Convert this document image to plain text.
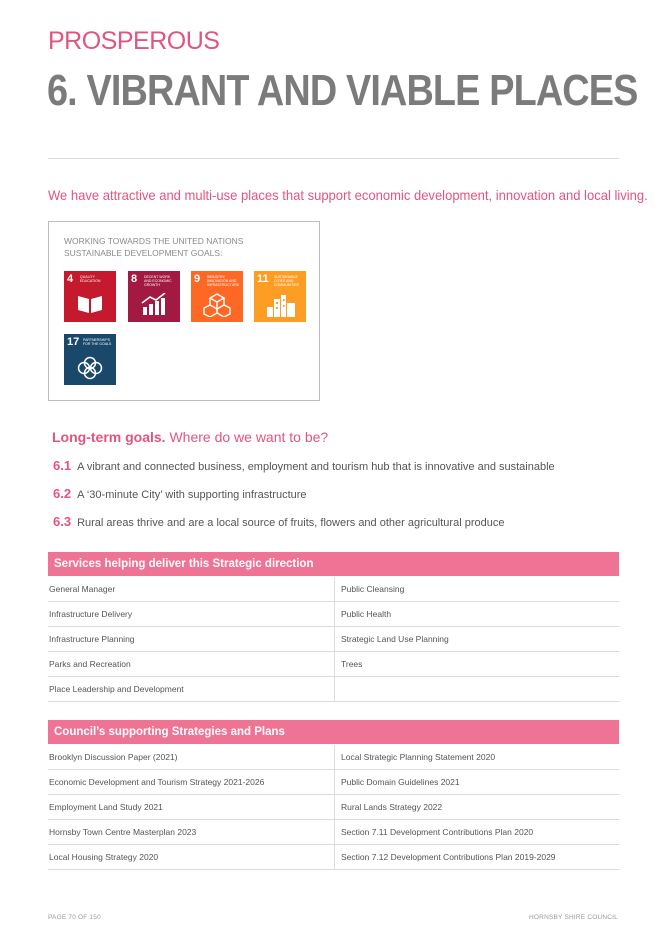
PROSPEROUS
6. VIBRANT AND VIABLE PLACES
We have attractive and multi-use places that support economic development, innovation and local living.
WORKING TOWARDS THE UNITED NATIONS
SUSTAINABLE DEVELOPMENT GOALS:
4 QUALITY EDUCATION	8 DECENT WORK AND ECONOMIC GROWTH	9 INDUSTRY, INNOVATION AND INFRASTRUCTURE 11 SUSTAINABLE CITIES AND COMMUNITIES
17 PARTNERSHIPS FOR THE GOALS
Long-term goals. Where do we want to be?
6.1 A vibrant and connected business, employment and tourism hub that is innovative and sustainable
6.2 A ‘30-minute City’ with supporting infrastructure
6.3 Rural areas thrive and are a local source of fruits, flowers and other agricultural produce
Services helping deliver this Strategic direction
General Manager	Public Cleansing
Infrastructure Delivery	Public Health
Infrastructure Planning	Strategic Land Use Planning
Parks and Recreation	Trees
Place Leadership and Development
Council’s supporting Strategies and Plans
Brooklyn Discussion Paper (2021)	Local Strategic Planning Statement 2020
Economic Development and Tourism Strategy 2021-2026	Public Domain Guidelines 2021
Employment Land Study 2021	Rural Lands Strategy 2022
Hornsby Town Centre Masterplan 2023	Section 7.11 Development Contributions Plan 2020
Local Housing Strategy 2020	Section 7.12 Development Contributions Plan 2019-2029
PAGE 70 OF 150	HORNSBY SHIRE COUNCIL
